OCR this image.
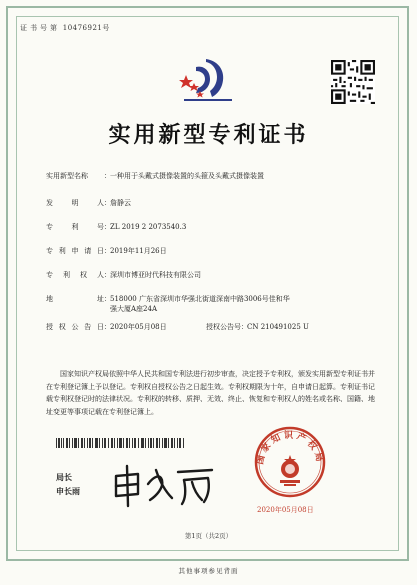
证书号第 10476921号
实用新型专利证书
实用新型名称 ：一种用于头戴式摄像装置的头箍及头戴式摄像装置
发明人：詹静云
专利号：ZL 2019 2 2073540.3
专利申请日：2019年11月26日
专利权人：深圳市博亚时代科技有限公司
地址 ： 518000 广东省深圳市华强北街道深南中路3006号佳和华强大厦A座24A
授权公告日：2020年05月08日	授权公告号：CN 210491025 U
国家知识产权局依照中华人民共和国专利法进行初步审查，决定授予专利权，颁发实用新型专利证书并在专利登记簿上予以登记。专利权自授权公告之日起生效。专利权期限为十年，自申请日起算。专利证书记载专利权登记时的法律状况。专利权的转移、质押、无效、终止、恢复和专利权人的姓名或名称、国籍、地址变更等事项记载在专利登记簿上。
局长
申长雨
国家知识产权局
2020年05月08日
第1页（共2页）
其他事项参见背面
